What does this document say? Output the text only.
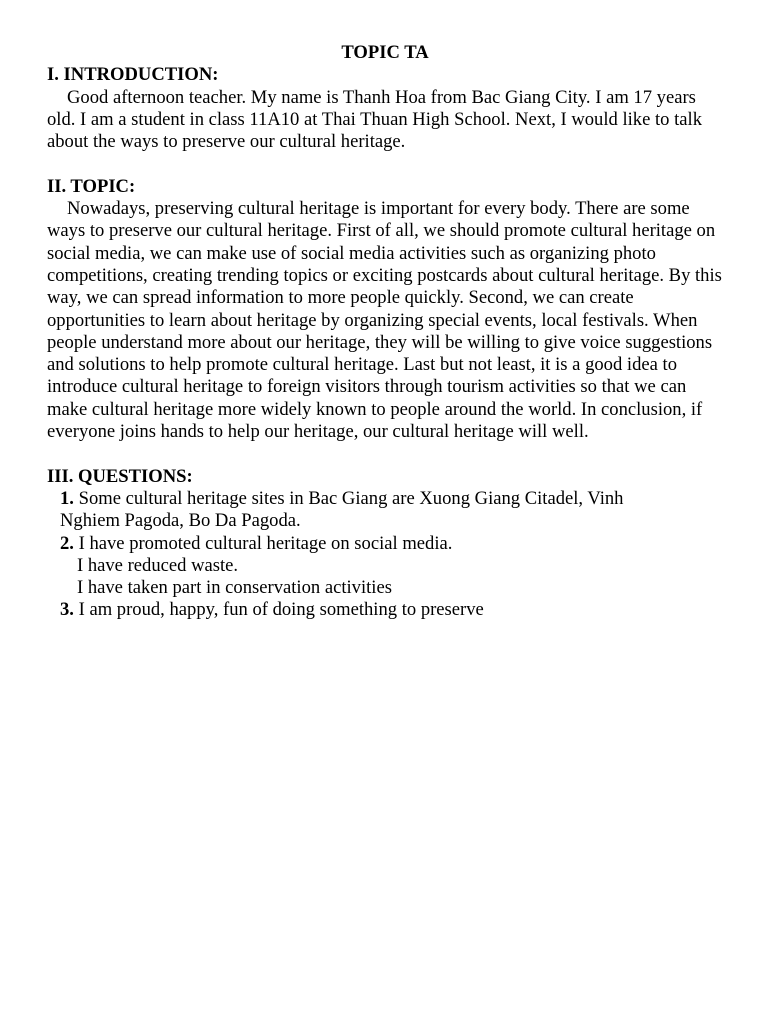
TOPIC TA

I. INTRODUCTION:

Good afternoon teacher. My name is Thanh Hoa from Bac Giang City. I am 17 years old. I am a student in class 11A10 at Thai Thuan High School. Next, I would like to talk about the ways to preserve our cultural heritage.

II. TOPIC:

Nowadays, preserving cultural heritage is important for every body. There are some ways to preserve our cultural heritage. First of all, we should promote cultural heritage on social media, we can make use of social media activities such as organizing photo competitions, creating trending topics or exciting postcards about cultural heritage. By this way, we can spread information to more people quickly. Second, we can create opportunities to learn about heritage by organizing special events, local festivals. When people understand more about our heritage, they will be willing to give voice suggestions and solutions to help promote cultural heritage. Last but not least, it is a good idea to introduce cultural heritage to foreign visitors through tourism activities so that we can make cultural heritage more widely known to people around the world. In conclusion, if everyone joins hands to help our heritage, our cultural heritage will well.

III. QUESTIONS:

1. Some cultural heritage sites in Bac Giang are Xuong Giang Citadel, Vinh

Nghiem Pagoda, Bo Da Pagoda.

2. I have promoted cultural heritage on social media.

I have reduced waste.

I have taken part in conservation activities

3. I am proud, happy, fun of doing something to preserve
